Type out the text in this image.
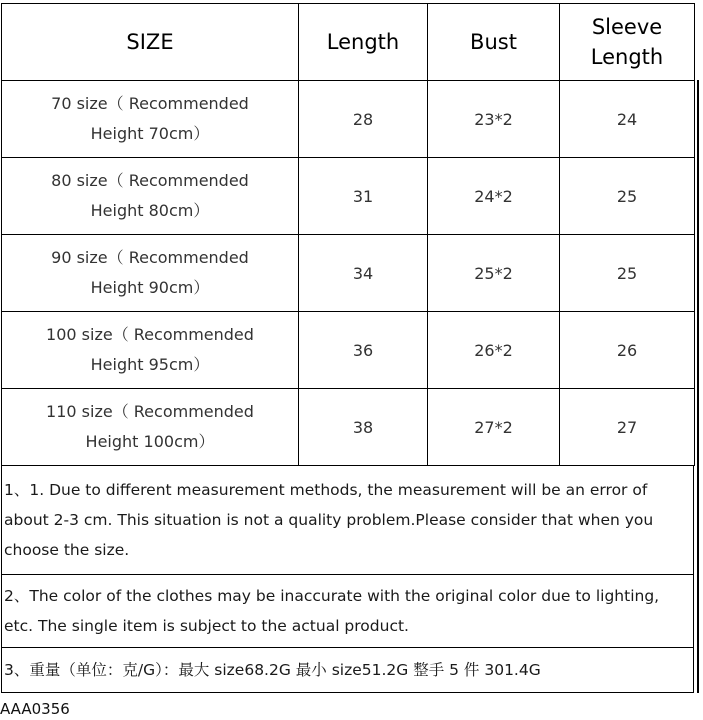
SIZE	Length	Bust	Sleeve Length

70 size（ Recommended
Height 70cm）	28	23*2	24

80 size（ Recommended
Height 80cm）	31	24*2	25

90 size（ Recommended
Height 90cm）	34	25*2	25

100 size（ Recommended
Height 95cm）	36	26*2	26

110 size（ Recommended
Height 100cm）	38	27*2	27
1、1. Due to different measurement methods, the measurement will be an error of about 2-3 cm. This situation is not a quality problem.Please consider that when you choose the size.
2、The color of the clothes may be inaccurate with the original color due to lighting, etc. The single item is subject to the actual product.
3、重量（单位：克/G）：最大 size68.2G 最小 size51.2G 整手 5 件 301.4G
AAA0356
